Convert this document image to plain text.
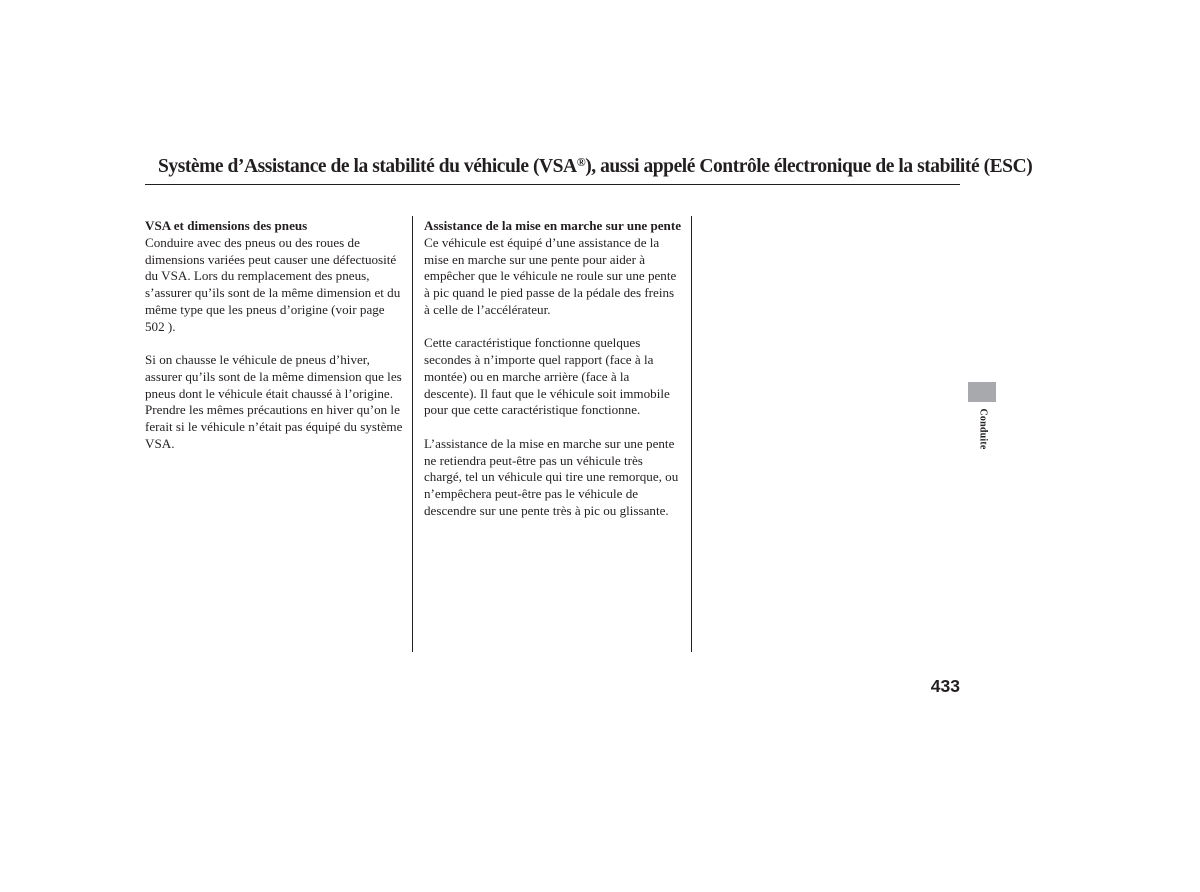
Système d’Assistance de la stabilité du véhicule (VSA®), aussi appelé Contrôle électronique de la stabilité (ESC)

VSA et dimensions des pneus

Conduire avec des pneus ou des roues de dimensions variées peut causer une défectuosité du VSA. Lors du remplacement des pneus, s’assurer qu’ils sont de la même dimension et du même type que les pneus d’origine (voir page 502 ).

Si on chausse le véhicule de pneus d’hiver, assurer qu’ils sont de la même dimension que les pneus dont le véhicule était chaussé à l’origine. Prendre les mêmes précautions en hiver qu’on le ferait si le véhicule n’était pas équipé du système VSA.

Assistance de la mise en marche sur une pente

Ce véhicule est équipé d’une assistance de la mise en marche sur une pente pour aider à empêcher que le véhicule ne roule sur une pente à pic quand le pied passe de la pédale des freins à celle de l’accélérateur.

Cette caractéristique fonctionne quelques secondes à n’importe quel rapport (face à la montée) ou en marche arrière (face à la descente). Il faut que le véhicule soit immobile pour que cette caractéristique fonctionne.

L’assistance de la mise en marche sur une pente ne retiendra peut-être pas un véhicule très chargé, tel un véhicule qui tire une remorque, ou n’empêchera peut-être pas le véhicule de descendre sur une pente très à pic ou glissante.

Conduite
433
